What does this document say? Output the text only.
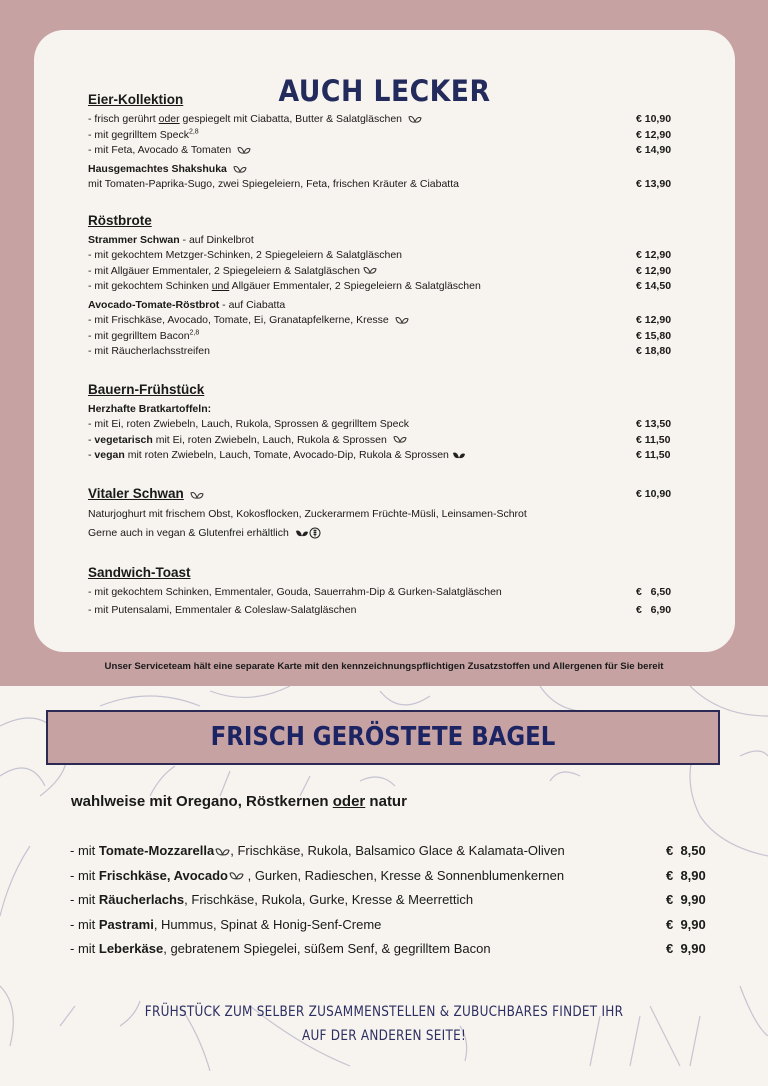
AUCH LECKER
Eier-Kollektion
- frisch gerührt oder gespiegelt mit Ciabatta, Butter & Salatgläschen	€ 10,90
- mit gegrilltem Speck$^{2,8}$	€ 12,90
- mit Feta, Avocado & Tomaten	€ 14,90
Hausgemachtes Shakshuka
mit Tomaten-Paprika-Sugo, zwei Spiegeleiern, Feta, frischen Kräuter & Ciabatta	€ 13,90
Röstbrote
Strammer Schwan - auf Dinkelbrot
- mit gekochtem Metzger-Schinken, 2 Spiegeleiern & Salatgläschen	€ 12,90
- mit Allgäuer Emmentaler, 2 Spiegeleiern & Salatgläschen	€ 12,90
- mit gekochtem Schinken und Allgäuer Emmentaler, 2 Spiegeleiern & Salatgläschen	€ 14,50
Avocado-Tomate-Röstbrot - auf Ciabatta
- mit Frischkäse, Avocado, Tomate, Ei, Granatapfelkerne, Kresse	€ 12,90
- mit gegrilltem Bacon$^{2,8}$	€ 15,80
- mit Räucherlachsstreifen	€ 18,80
Bauern-Frühstück
Herzhafte Bratkartoffeln:
- mit Ei, roten Zwiebeln, Lauch, Rukola, Sprossen & gegrilltem Speck	€ 13,50
- vegetarisch mit Ei, roten Zwiebeln, Lauch, Rukola & Sprossen	€ 11,50
- vegan mit roten Zwiebeln, Lauch, Tomate, Avocado-Dip, Rukola & Sprossen	€ 11,50
Vitaler Schwan	€ 10,90
Naturjoghurt mit frischem Obst, Kokosflocken, Zuckerarmem Früchte-Müsli, Leinsamen-Schrot
Gerne auch in vegan & Glutenfrei erhältlich
Sandwich-Toast
- mit gekochtem Schinken, Emmentaler, Gouda, Sauerrahm-Dip & Gurken-Salatgläschen	€   6,50
- mit Putensalami, Emmentaler & Coleslaw-Salatgläschen	€   6,90
Unser Serviceteam hält eine separate Karte mit den kennzeichnungspflichtigen Zusatzstoffen und Allergenen für Sie bereit
FRISCH GERÖSTETE BAGEL
wahlweise mit Oregano, Röstkernen oder natur
- mit Tomate-Mozzarella , Frischkäse, Rukola, Balsamico Glace & Kalamata-Oliven	€  8,50
- mit Frischkäse, Avocado , Gurken, Radieschen, Kresse & Sonnenblumenkernen	€  8,90
- mit Räucherlachs, Frischkäse, Rukola, Gurke, Kresse & Meerrettich	€  9,90
- mit Pastrami, Hummus, Spinat & Honig-Senf-Creme	€  9,90
- mit Leberkäse, gebratenem Spiegelei, süßem Senf, & gegrilltem Bacon	€  9,90
FRÜHSTÜCK ZUM SELBER ZUSAMMENSTELLEN & ZUBUCHBARES FINDET IHR
AUF DER ANDEREN SEITE!
